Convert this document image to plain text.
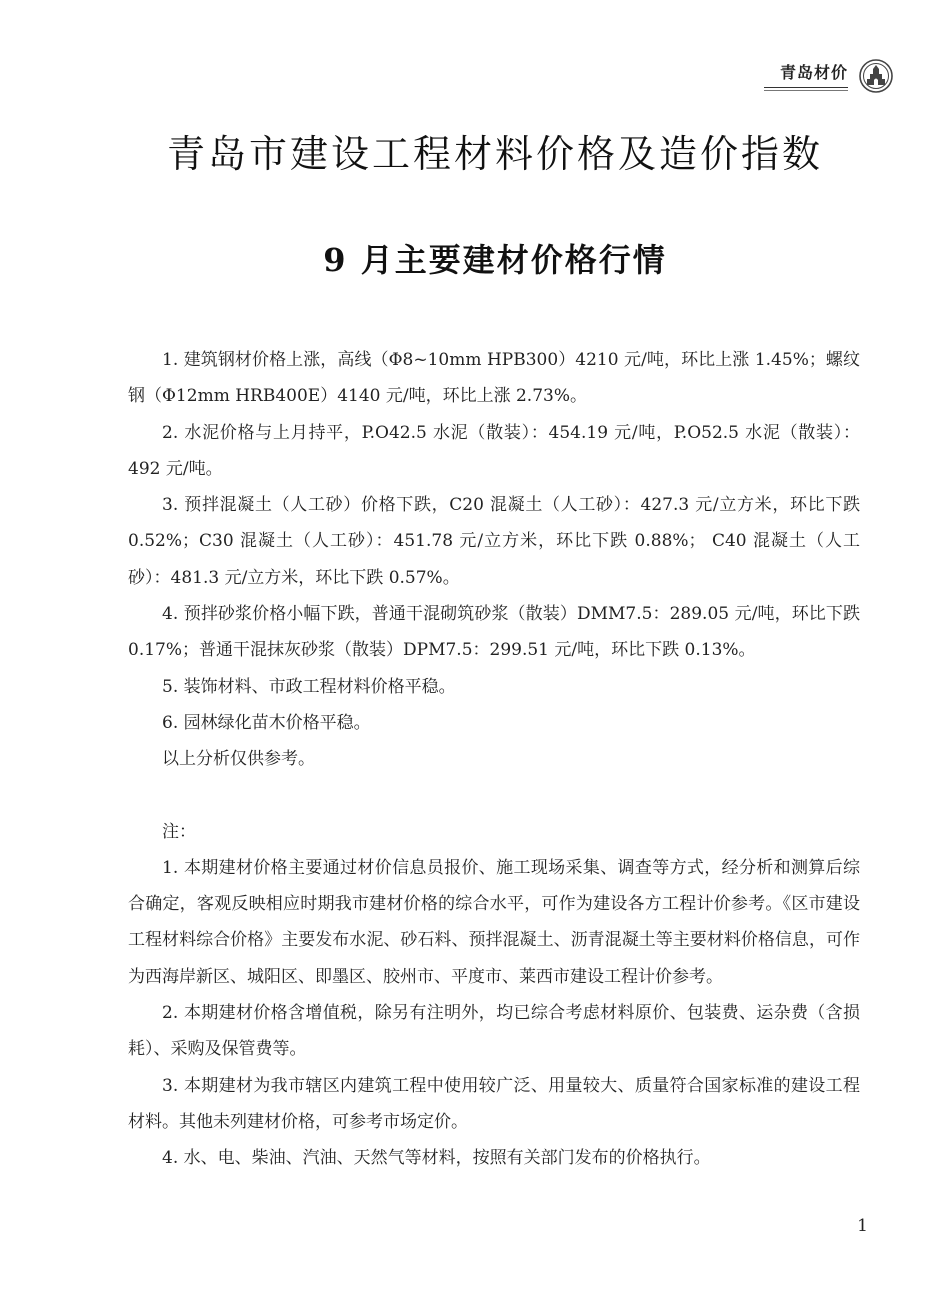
青岛材价
青岛市建设工程材料价格及造价指数
9 月主要建材价格行情

1. 建筑钢材价格上涨，高线（Φ8~10mm HPB300）4210 元/吨，环比上涨 1.45%；螺纹钢（Φ12mm HRB400E）4140 元/吨，环比上涨 2.73%。

2. 水泥价格与上月持平，P.O42.5 水泥（散装）：454.19 元/吨，P.O52.5 水泥（散装）：492 元/吨。

3. 预拌混凝土（人工砂）价格下跌，C20 混凝土（人工砂）：427.3 元/立方米，环比下跌 0.52%；C30 混凝土（人工砂）：451.78 元/立方米，环比下跌 0.88%； C40 混凝土（人工砂）：481.3 元/立方米，环比下跌 0.57%。

4. 预拌砂浆价格小幅下跌，普通干混砌筑砂浆（散装）DMM7.5：289.05 元/吨，环比下跌 0.17%；普通干混抹灰砂浆（散装）DPM7.5：299.51 元/吨，环比下跌 0.13%。

5. 装饰材料、市政工程材料价格平稳。

6. 园林绿化苗木价格平稳。

以上分析仅供参考。

注：

1. 本期建材价格主要通过材价信息员报价、施工现场采集、调查等方式，经分析和测算后综合确定，客观反映相应时期我市建材价格的综合水平，可作为建设各方工程计价参考。《区市建设工程材料综合价格》主要发布水泥、砂石料、预拌混凝土、沥青混凝土等主要材料价格信息，可作为西海岸新区、城阳区、即墨区、胶州市、平度市、莱西市建设工程计价参考。

2. 本期建材价格含增值税，除另有注明外，均已综合考虑材料原价、包装费、运杂费（含损耗）、采购及保管费等。

3. 本期建材为我市辖区内建筑工程中使用较广泛、用量较大、质量符合国家标准的建设工程材料。其他未列建材价格，可参考市场定价。

4. 水、电、柴油、汽油、天然气等材料，按照有关部门发布的价格执行。

1
